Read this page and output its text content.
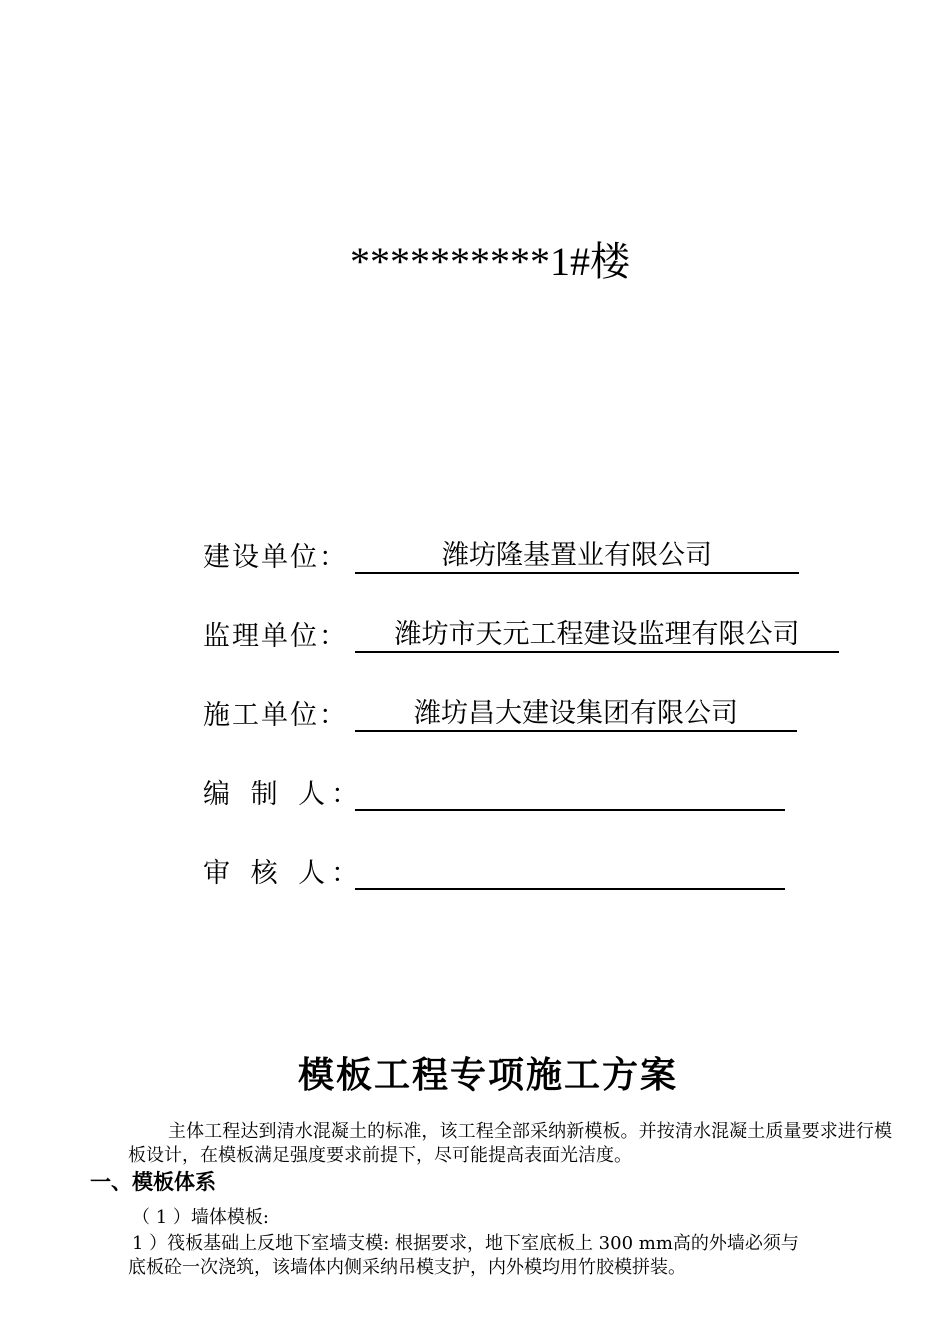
**********1#楼
建设单位：	潍坊隆基置业有限公司
监理单位：	潍坊市天元工程建设监理有限公司
施工单位：	潍坊昌大建设集团有限公司
编 制 人：
审 核 人：
模板工程专项施工方案
主体工程达到清水混凝土的标准，该工程全部采纳新模板。并按清水混凝土质量要求进行模板设计，在模板满足强度要求前提下，尽可能提高表面光洁度。
一、模板体系
（ 1 ）墙体模板:
1 ）筏板基础上反地下室墙支模: 根据要求，地下室底板上 300 mm高的外墙必须与
底板砼一次浇筑，该墙体内侧采纳吊模支护，内外模均用竹胶模拼装。
